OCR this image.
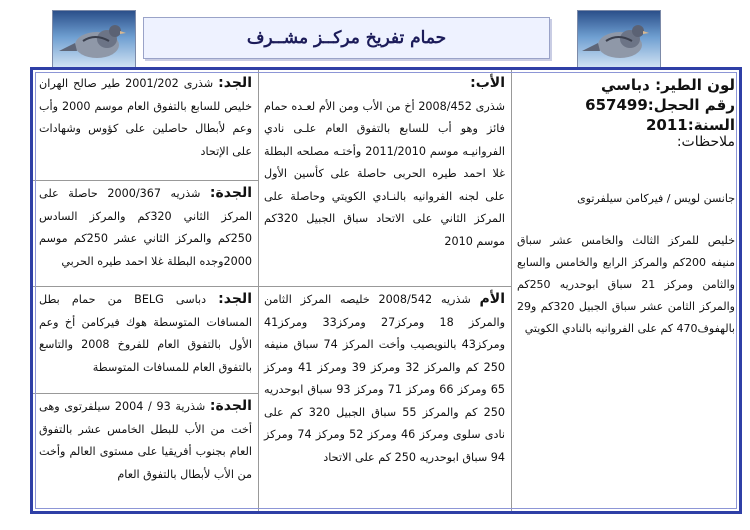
حمام تفريخ مركــز مشــرف
لون الطير: دباسي
رقم الحجل:657499
السنة:2011
ملاحظات:
جانسن لويس / فيركامن سيلفرتوى
خليص للمركز الثالث والخامس عشر سباق منيفه 200كم والمركز الرابع والخامس والسابع والثامن ومركز 21 سباق ابوحدريه 250كم والمركز الثامن عشر سباق الجبيل 320كم و29 بالهفوف470 كم على الفروانيه بالنادي الكويتي
الأب:
شذرى 2008/452 أخ من الأب ومن الأم لعـده حمام فائز وهو أب للسابع بالتفوق العام علـى نادي الفروانيـه موسم 2011/2010 وأختـه مصلحه البطلة غلا احمد طيره الحربى حاصلة على كأسين الأول على لجنه الفروانيه بالنـادي الكويتي وحاصلة على المركز الثاني على الاتحاد سباق الجبيل 320كم موسم 2010
الأم شذريه 2008/542 خليصه المركز الثامن والمركز 18 ومركز27 ومركز33 ومركز41 ومركز43 بالنويصيب وأخت المركز 74 سباق منيفه 250 كم والمركز 32 ومركز 39 ومركز 41 ومركز 65 ومركز 66 ومركز 71 ومركز 93 سباق ابوحدريه 250 كم والمركز 55 سباق الجبيل 320 كم على نادى سلوى ومركز 46 ومركز 52 ومركز 74 ومركز 94 سباق ابوحدريه 250 كم على الاتحاد
الجد: شذرى 2001/202 طير صالح الهران خليص للسابع بالتفوق العام موسم 2000 وأب وعم لأبطال حاصلين على كؤوس وشهادات على الإتحاد
الجدة: شذريه 2000/367 حاصلة على المركز الثاني 320كم والمركز السادس 250كم والمركز الثاني عشر 250كم موسم 2000وجده البطلة غلا احمد طيره الحربي
الجد: دباسى BELG من حمام بطل المسافات المتوسطة هوك فيركامن أخ وعم الأول بالتفوق العام للفروخ 2008 والتاسع بالتفوق العام للمسافات المتوسطة
الجدة: شذرية 93 / 2004 سيلفرتوى وهى أخت من الأب للبطل الخامس عشر بالتفوق العام بجنوب أفريقيا على مستوى العالم وأخت من الأب لأبطال بالتفوق العام
